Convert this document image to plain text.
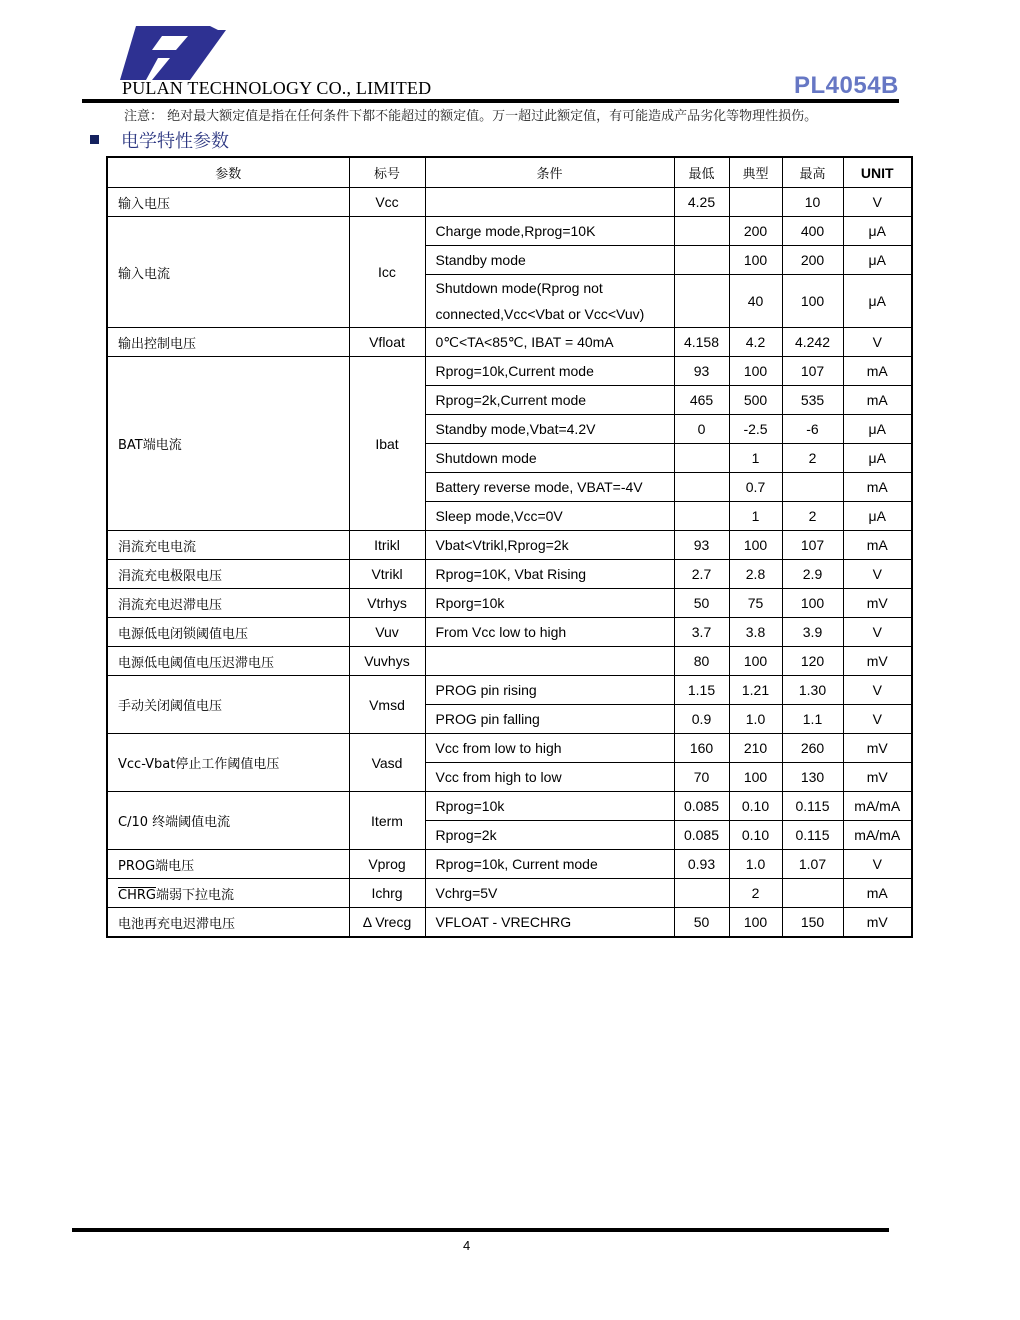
PULAN TECHNOLOGY CO., LIMITED	PL4054B
注意： 绝对最大额定值是指在任何条件下都不能超过的额定值。万一超过此额定值，有可能造成产品劣化等物理性损伤。
电学特性参数
参数	标号	条件	最低	典型	最高	UNIT
输入电压	Vcc		4.25		10	V
输入电流	Icc	Charge mode,Rprog=10K		200	400	μA
		Standby mode		100	200	μA
		Shutdown mode(Rprog not
connected,Vcc<Vbat or Vcc<Vuv)		40	100	μA
输出控制电压	Vfloat	0℃<TA<85℃, IBAT = 40mA	4.158	4.2	4.242	V
BAT端电流	Ibat	Rprog=10k,Current mode	93	100	107	mA
		Rprog=2k,Current mode	465	500	535	mA
		Standby mode,Vbat=4.2V	0	-2.5	-6	μA
		Shutdown mode		1	2	μA
		Battery reverse mode, VBAT=-4V		0.7		mA
		Sleep mode,Vcc=0V		1	2	μA
涓流充电电流	Itrikl	Vbat<Vtrikl,Rprog=2k	93	100	107	mA
涓流充电极限电压	Vtrikl	Rprog=10K, Vbat Rising	2.7	2.8	2.9	V
涓流充电迟滞电压	Vtrhys	Rporg=10k	50	75	100	mV
电源低电闭锁阈值电压	Vuv	From Vcc low to high	3.7	3.8	3.9	V
电源低电阈值电压迟滞电压	Vuvhys		80	100	120	mV
手动关闭阈值电压	Vmsd	PROG pin rising	1.15	1.21	1.30	V
		PROG pin falling	0.9	1.0	1.1	V
Vcc-Vbat停止工作阈值电压	Vasd	Vcc from low to high	160	210	260	mV
		Vcc from high to low	70	100	130	mV
C/10 终端阈值电流	Iterm	Rprog=10k	0.085	0.10	0.115	mA/mA
		Rprog=2k	0.085	0.10	0.115	mA/mA
PROG端电压	Vprog	Rprog=10k, Current mode	0.93	1.0	1.07	V
CHRG端弱下拉电流	Ichrg	Vchrg=5V		2		mA
电池再充电迟滞电压	Δ Vrecg	VFLOAT - VRECHRG	50	100	150	mV
4
